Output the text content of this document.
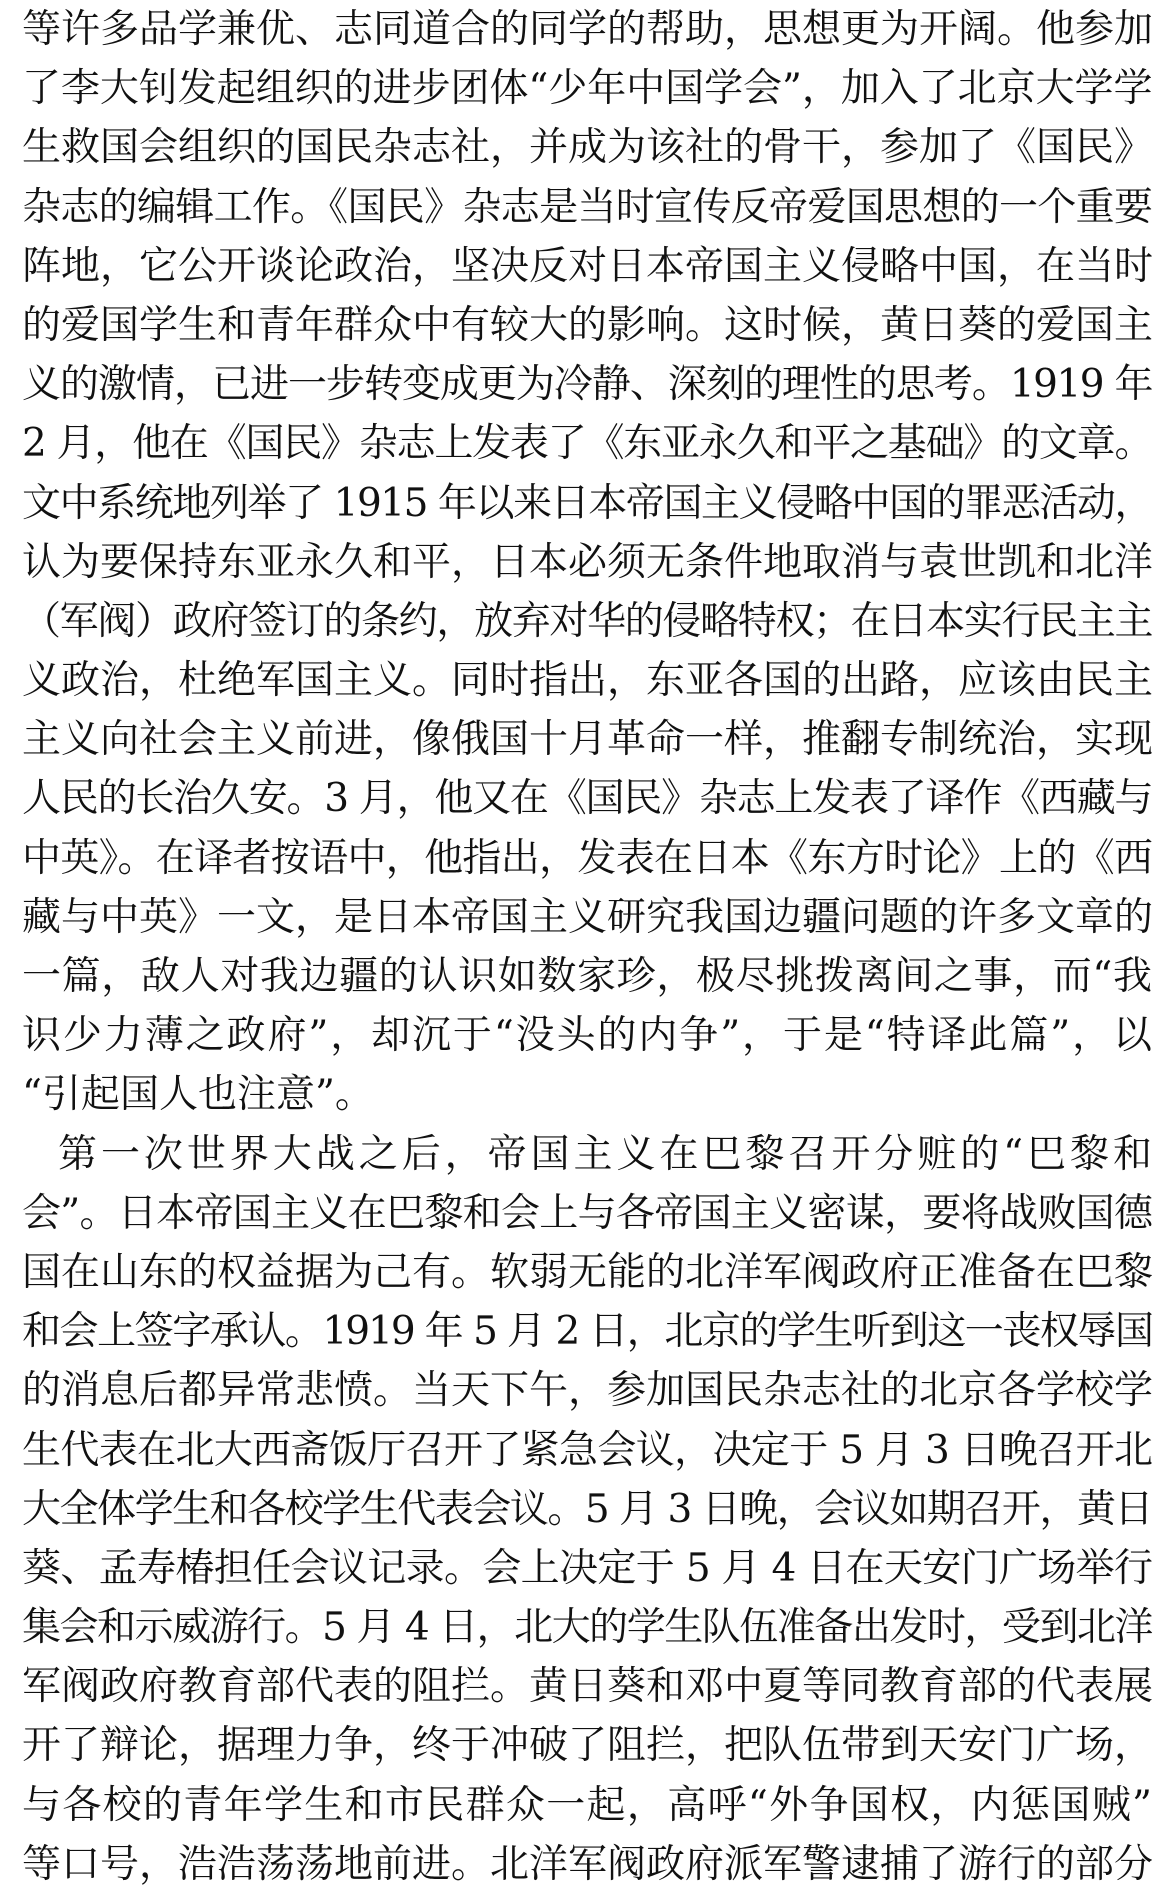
等许多品学兼优、志同道合的同学的帮助，思想更为开阔。他参加
了李大钊发起组织的进步团体“少年中国学会”，加入了北京大学学
生救国会组织的国民杂志社，并成为该社的骨干，参加了《国民》
杂志的编辑工作。《国民》杂志是当时宣传反帝爱国思想的一个重要
阵地，它公开谈论政治，坚决反对日本帝国主义侵略中国，在当时
的爱国学生和青年群众中有较大的影响。这时候，黄日葵的爱国主
义的激情，已进一步转变成更为冷静、深刻的理性的思考。1919 年
2 月，他在《国民》杂志上发表了《东亚永久和平之基础》的文章。
文中系统地列举了 1915 年以来日本帝国主义侵略中国的罪恶活动，
认为要保持东亚永久和平，日本必须无条件地取消与袁世凯和北洋
（军阀）政府签订的条约，放弃对华的侵略特权；在日本实行民主主
义政治，杜绝军国主义。同时指出，东亚各国的出路，应该由民主
主义向社会主义前进，像俄国十月革命一样，推翻专制统治，实现
人民的长治久安。3 月，他又在《国民》杂志上发表了译作《西藏与
中英》。在译者按语中，他指出，发表在日本《东方时论》上的《西
藏与中英》一文，是日本帝国主义研究我国边疆问题的许多文章的
一篇，敌人对我边疆的认识如数家珍，极尽挑拨离间之事，而“我
识少力薄之政府”，却沉于“没头的内争”，于是“特译此篇”，以
“引起国人也注意”。
第一次世界大战之后，帝国主义在巴黎召开分赃的“巴黎和
会”。日本帝国主义在巴黎和会上与各帝国主义密谋，要将战败国德
国在山东的权益据为己有。软弱无能的北洋军阀政府正准备在巴黎
和会上签字承认。1919 年 5 月 2 日，北京的学生听到这一丧权辱国
的消息后都异常悲愤。当天下午，参加国民杂志社的北京各学校学
生代表在北大西斋饭厅召开了紧急会议，决定于 5 月 3 日晚召开北
大全体学生和各校学生代表会议。5 月 3 日晚，会议如期召开，黄日
葵、孟寿椿担任会议记录。会上决定于 5 月 4 日在天安门广场举行
集会和示威游行。5 月 4 日，北大的学生队伍准备出发时，受到北洋
军阀政府教育部代表的阻拦。黄日葵和邓中夏等同教育部的代表展
开了辩论，据理力争，终于冲破了阻拦，把队伍带到天安门广场，
与各校的青年学生和市民群众一起，高呼“外争国权，内惩国贼”
等口号，浩浩荡荡地前进。北洋军阀政府派军警逮捕了游行的部分
